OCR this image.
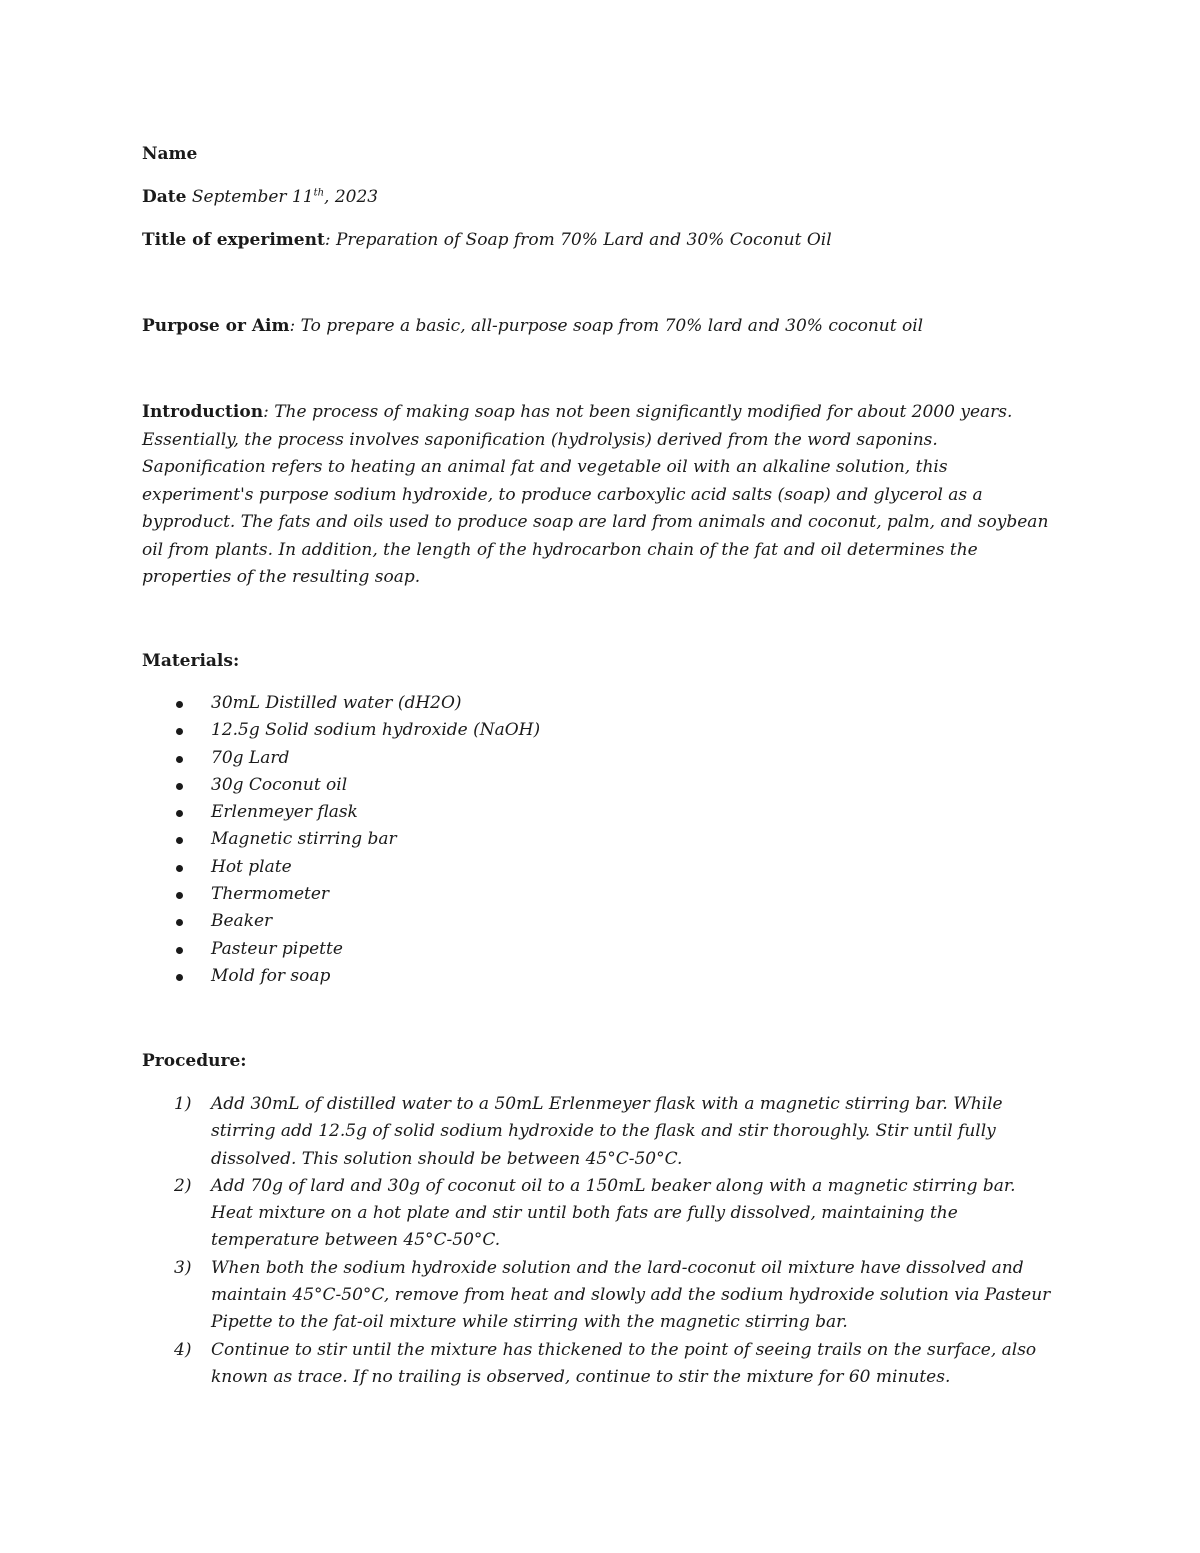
Name

Date September 11th, 2023

Title of experiment: Preparation of Soap from 70% Lard and 30% Coconut Oil

Purpose or Aim: To prepare a basic, all-purpose soap from 70% lard and 30% coconut oil

Introduction: The process of making soap has not been significantly modified for about 2000 years. Essentially, the process involves saponification (hydrolysis) derived from the word saponins. Saponification refers to heating an animal fat and vegetable oil with an alkaline solution, this experiment's purpose sodium hydroxide, to produce carboxylic acid salts (soap) and glycerol as a byproduct. The fats and oils used to produce soap are lard from animals and coconut, palm, and soybean oil from plants. In addition, the length of the hydrocarbon chain of the fat and oil determines the properties of the resulting soap.

Materials:

30mL Distilled water (dH2O)
12.5g Solid sodium hydroxide (NaOH)
70g Lard
30g Coconut oil
Erlenmeyer flask
Magnetic stirring bar
Hot plate
Thermometer
Beaker
Pasteur pipette
Mold for soap

Procedure:

1) Add 30mL of distilled water to a 50mL Erlenmeyer flask with a magnetic stirring bar. While stirring add 12.5g of solid sodium hydroxide to the flask and stir thoroughly. Stir until fully dissolved. This solution should be between 45°C-50°C.
2) Add 70g of lard and 30g of coconut oil to a 150mL beaker along with a magnetic stirring bar. Heat mixture on a hot plate and stir until both fats are fully dissolved, maintaining the temperature between 45°C-50°C.
3) When both the sodium hydroxide solution and the lard-coconut oil mixture have dissolved and maintain 45°C-50°C, remove from heat and slowly add the sodium hydroxide solution via Pasteur Pipette to the fat-oil mixture while stirring with the magnetic stirring bar.
4) Continue to stir until the mixture has thickened to the point of seeing trails on the surface, also known as trace. If no trailing is observed, continue to stir the mixture for 60 minutes.
